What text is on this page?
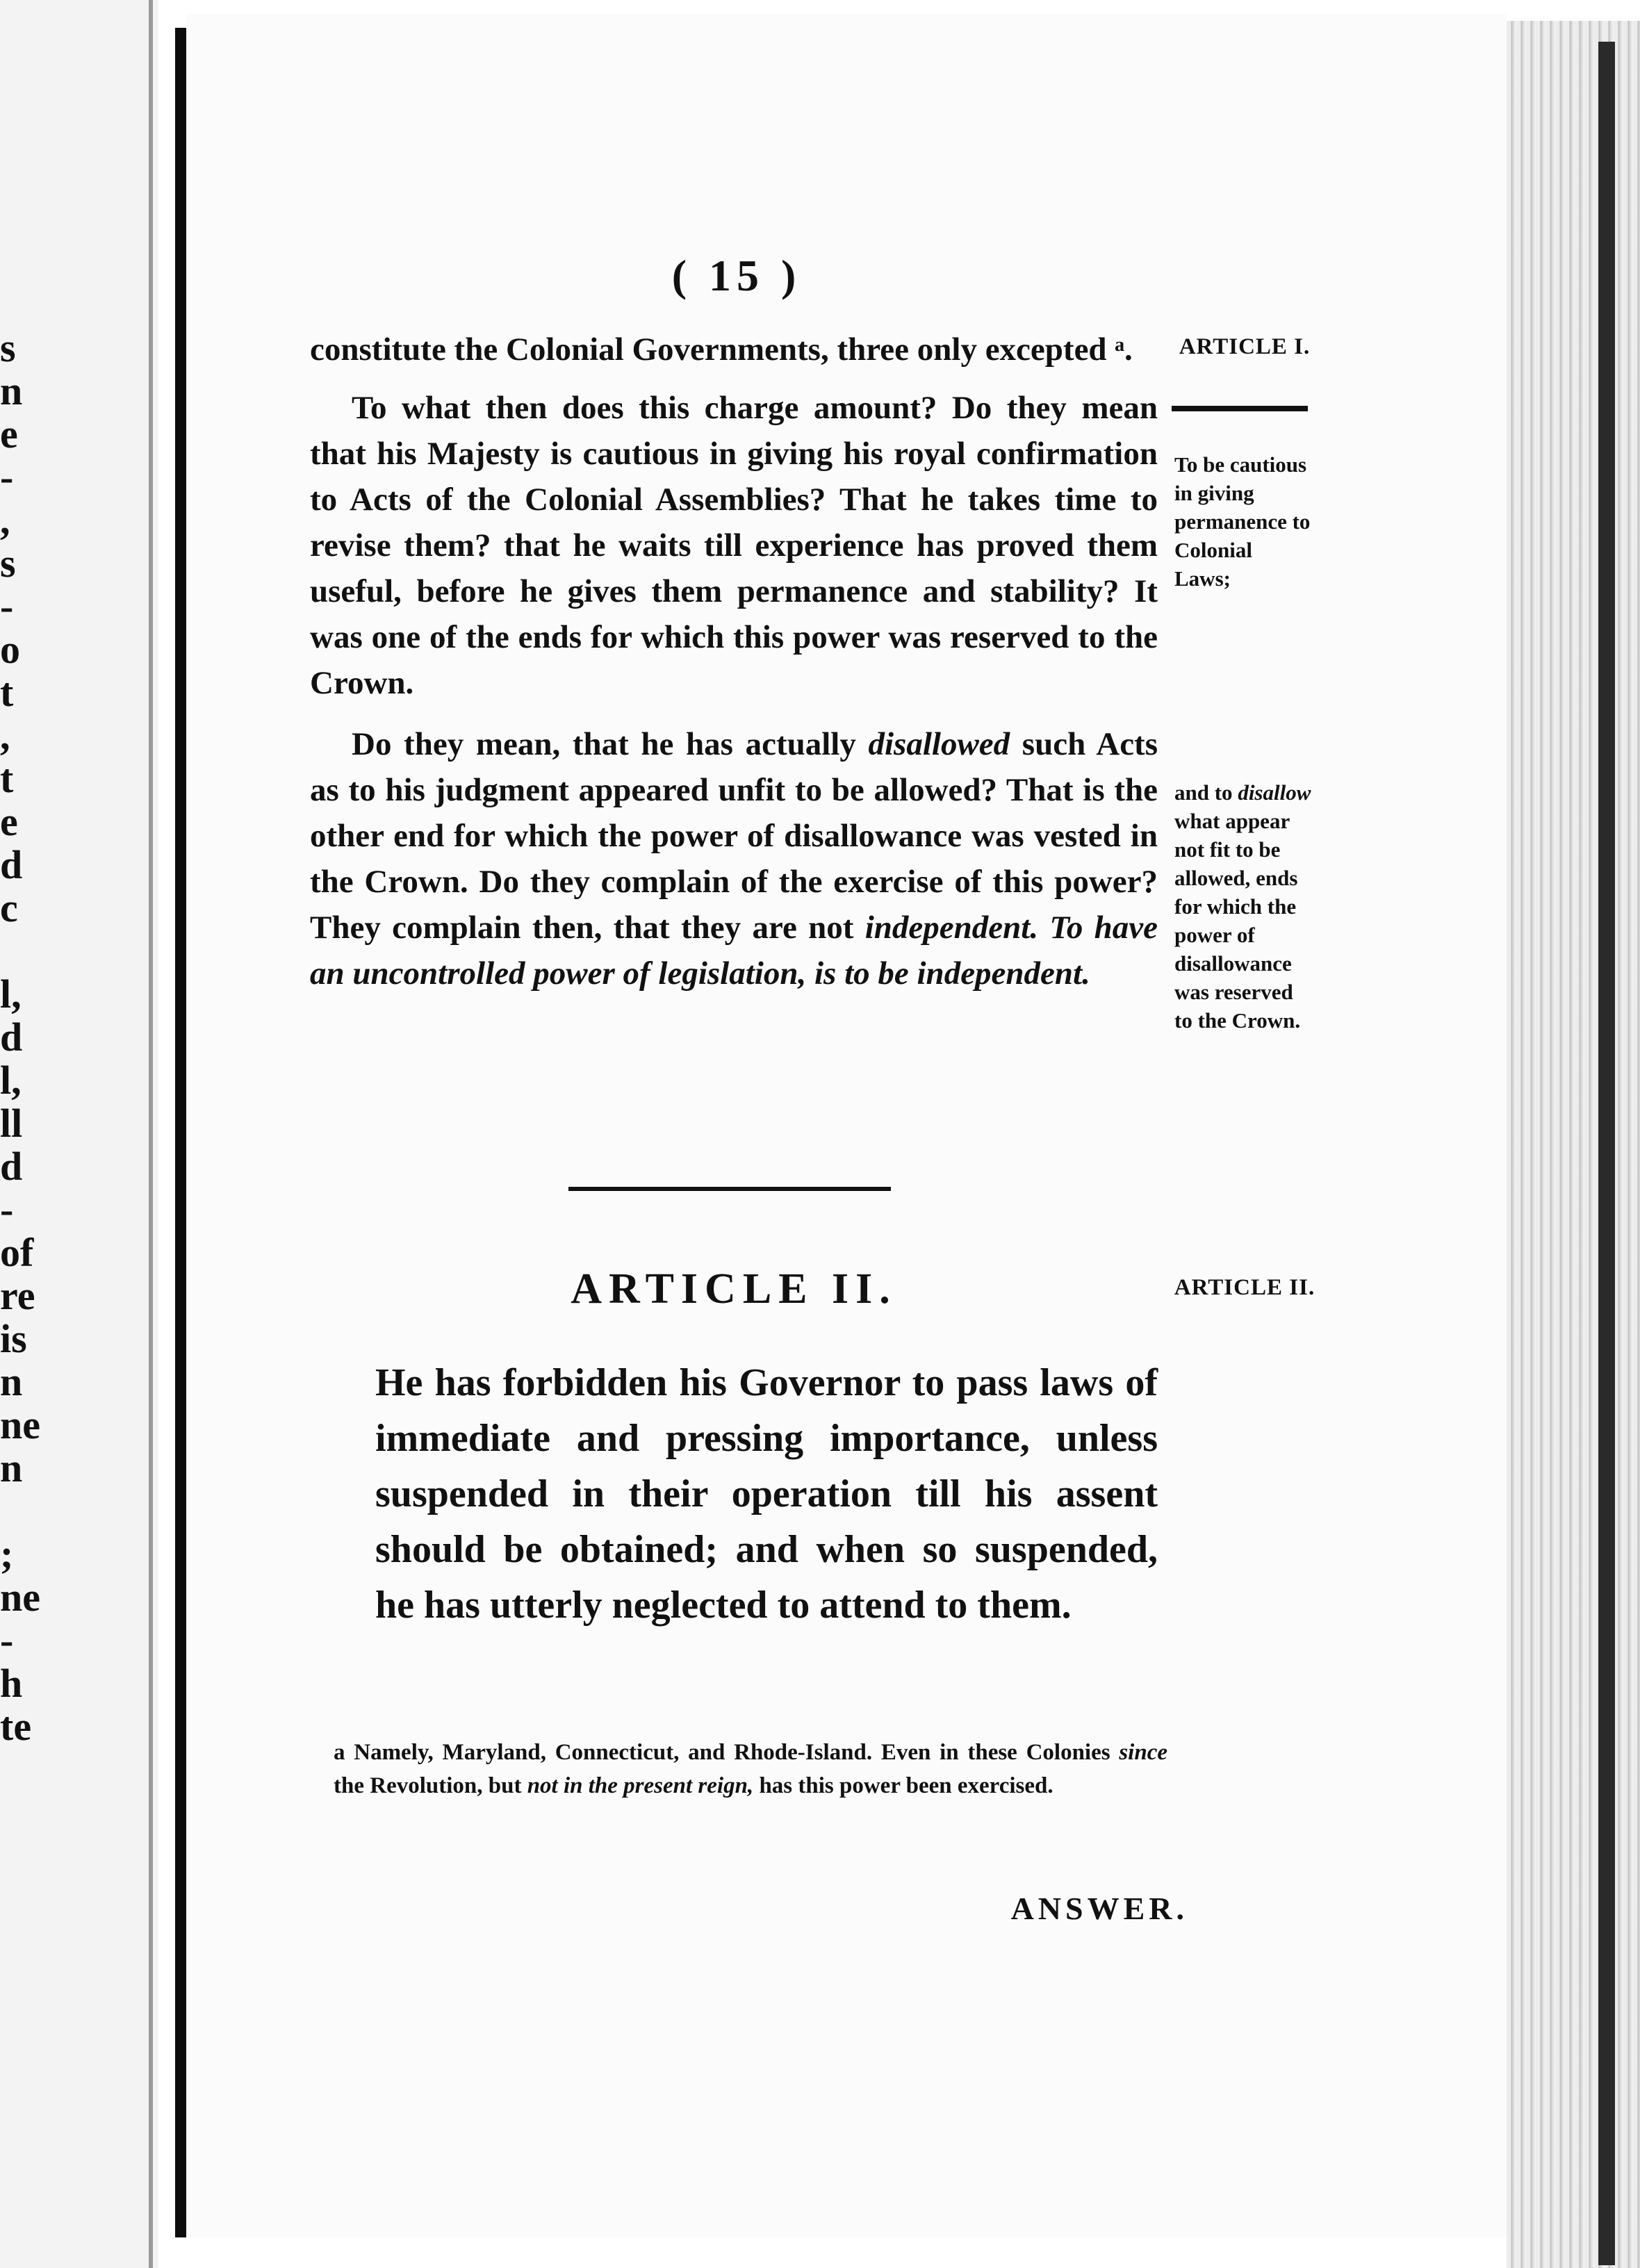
s
n
e
-
,
s
-
o
t
,
t
e
d
c
l,
d
l,
ll
d
-
of
re
is
n
ne
n
;
ne
-
h
te
( 15 )

constitute the Colonial Governments, three only excepted ᵃ.

To what then does this charge amount? Do they mean that his Majesty is cautious in giving his royal confirmation to Acts of the Colonial Assemblies? That he takes time to revise them? that he waits till experience has proved them useful, before he gives them permanence and stability? It was one of the ends for which this power was reserved to the Crown.

Do they mean, that he has actually disallowed such Acts as to his judgment appeared unfit to be allowed? That is the other end for which the power of disallowance was vested in the Crown. Do they complain of the exercise of this power? They complain then, that they are not independent. To have an uncontrolled power of legislation, is to be independent.

ARTICLE I.
To be cautious in giving permanence to Colonial Laws;
and to disallow what appear not fit to be allowed, ends for which the power of disallowance was reserved to the Crown.
ARTICLE II.
ARTICLE II.

He has forbidden his Governor to pass laws of immediate and pressing importance, unless suspended in their operation till his assent should be obtained; and when so suspended, he has utterly neglected to attend to them.

a Namely, Maryland, Connecticut, and Rhode-Island. Even in these Colonies since the Revolution, but not in the present reign, has this power been exercised.

ANSWER.
